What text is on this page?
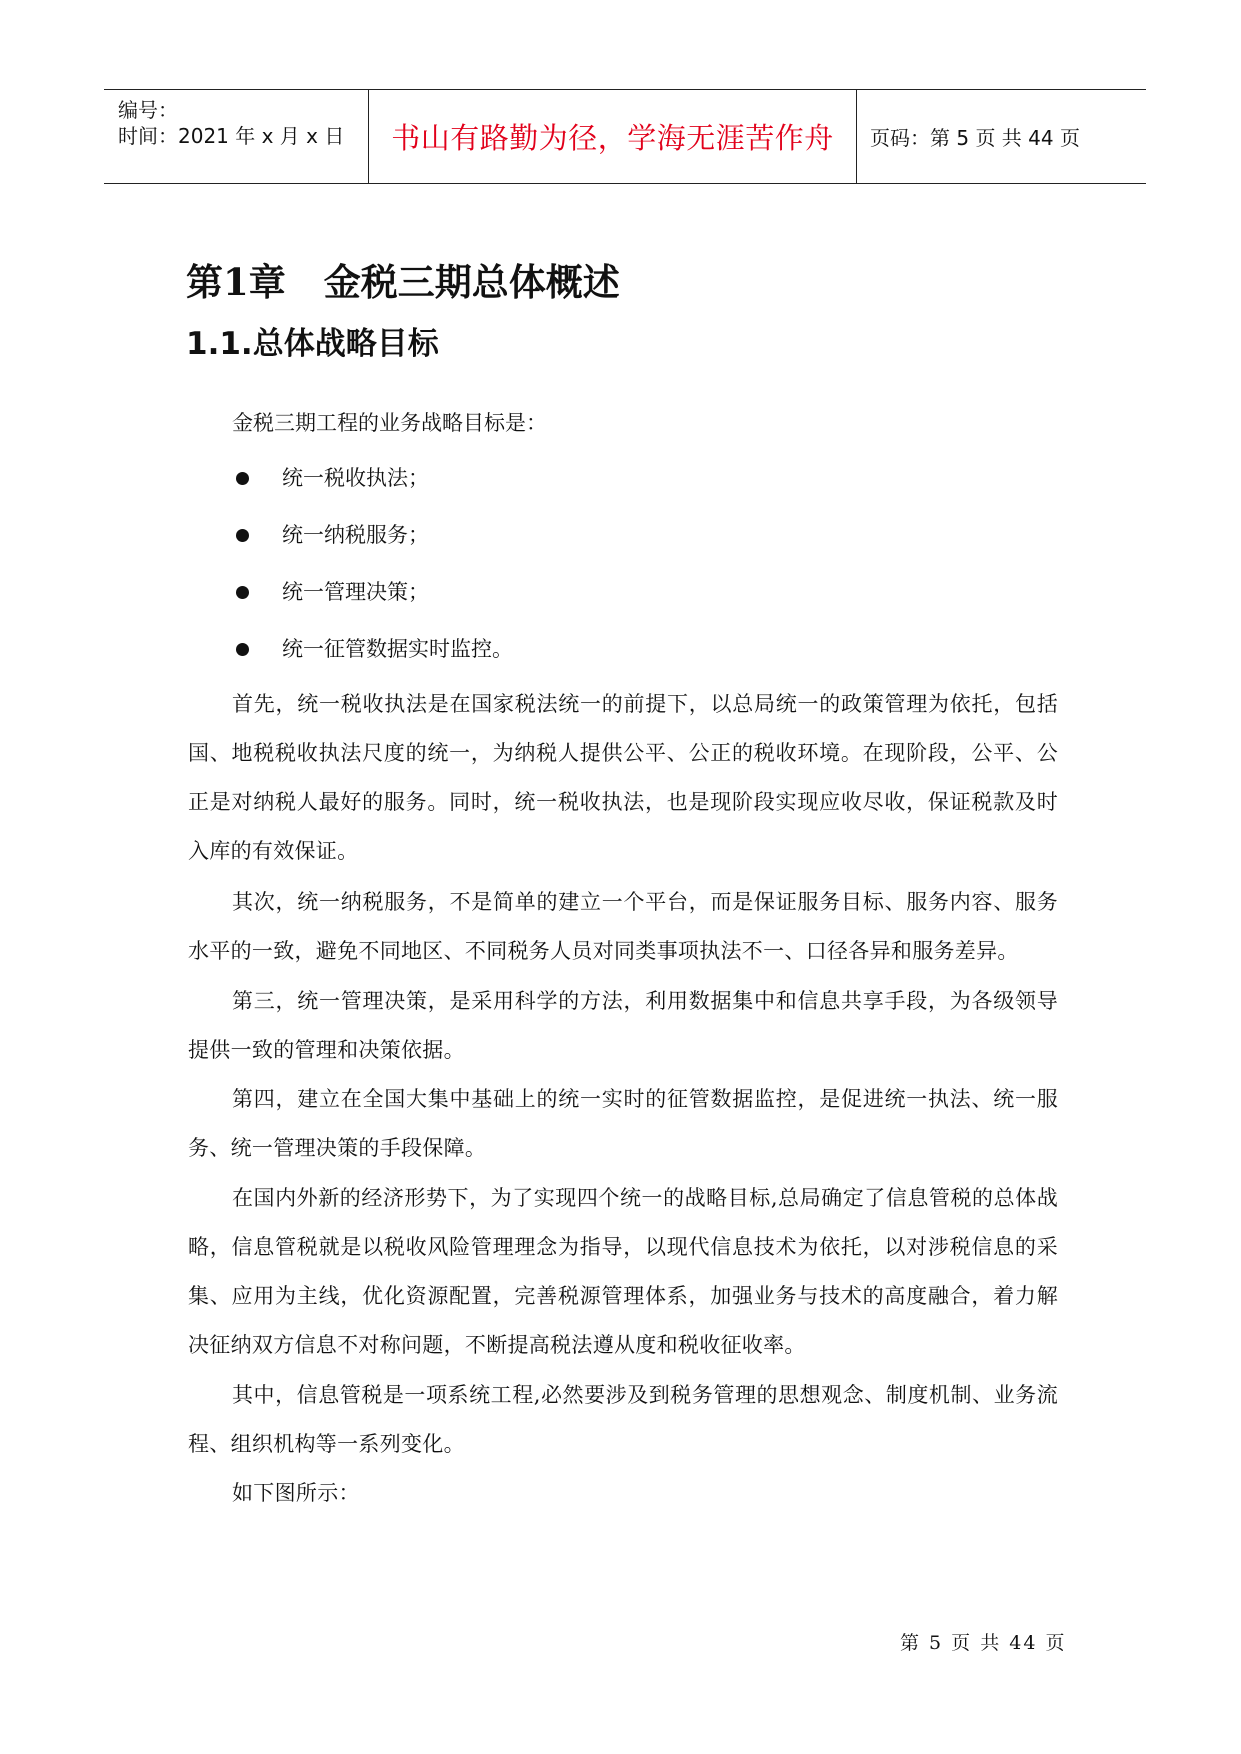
编号：
时间：2021 年 x 月 x 日 书山有路勤为径，学海无涯苦作舟	页码：第 5 页 共 44 页
第1章 金税三期总体概述
1.1.总体战略目标
金税三期工程的业务战略目标是：
统一税收执法；
统一纳税服务；
统一管理决策；
统一征管数据实时监控。

首先，统一税收执法是在国家税法统一的前提下，以总局统一的政策管理为依托，包括国、地税税收执法尺度的统一，为纳税人提供公平、公正的税收环境。在现阶段，公平、公正是对纳税人最好的服务。同时，统一税收执法，也是现阶段实现应收尽收，保证税款及时入库的有效保证。

其次，统一纳税服务，不是简单的建立一个平台，而是保证服务目标、服务内容、服务水平的一致，避免不同地区、不同税务人员对同类事项执法不一、口径各异和服务差异。

第三，统一管理决策，是采用科学的方法，利用数据集中和信息共享手段，为各级领导提供一致的管理和决策依据。

第四，建立在全国大集中基础上的统一实时的征管数据监控，是促进统一执法、统一服务、统一管理决策的手段保障。

在国内外新的经济形势下，为了实现四个统一的战略目标,总局确定了信息管税的总体战略，信息管税就是以税收风险管理理念为指导，以现代信息技术为依托，以对涉税信息的采集、应用为主线，优化资源配置，完善税源管理体系，加强业务与技术的高度融合，着力解决征纳双方信息不对称问题，不断提高税法遵从度和税收征收率。

其中，信息管税是一项系统工程,必然要涉及到税务管理的思想观念、制度机制、业务流程、组织机构等一系列变化。

如下图所示：

第 5 页 共 44 页
